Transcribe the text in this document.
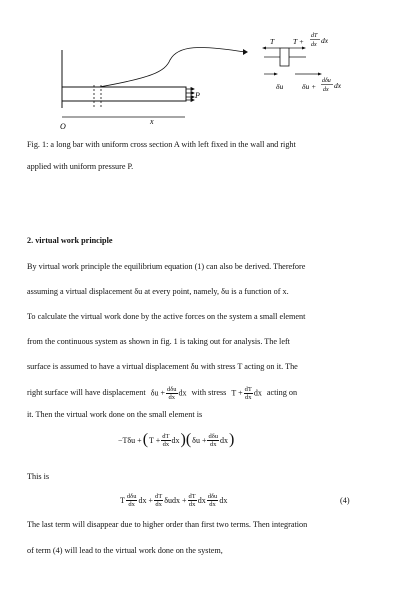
P
O
x
T	T +
dT
dx dx
δu	δu +
dδu
dx dx
Fig. 1: a long bar with uniform cross section A with left fixed in the wall and right
applied with uniform pressure P.
2. virtual work principle
By virtual work principle the equilibrium equation (1) can also be derived. Therefore
assuming a virtual displacement δu at every point, namely, δu is a function of x.
To calculate the virtual work done by the active forces on the system a small element
from the continuous system as shown in fig. 1 is taking out for analysis. The left
surface is assumed to have a virtual displacement δu with stress T acting on it. The
right surface will have displacement $\delta u + \frac{\text{dδu}}{dx}$ dx with stress $T + \frac{dT}{dx}$ dx acting on
it. Then the virtual work done on the small element is
−Tδu + ( $T + \frac{dT}{dx}$ dx )( $\delta u + \frac{\text{dδu}}{dx}$ dx )
This is
T $\frac{\text{dδu}}{dx}$ dx + $\frac{dT}{dx}$ $\delta udx + \frac{dT}{dx}$ dx $\frac{\text{dδu}}{dx}$ dx	(4)
The last term will disappear due to higher order than first two terms. Then integration
of term (4) will lead to the virtual work done on the system,
